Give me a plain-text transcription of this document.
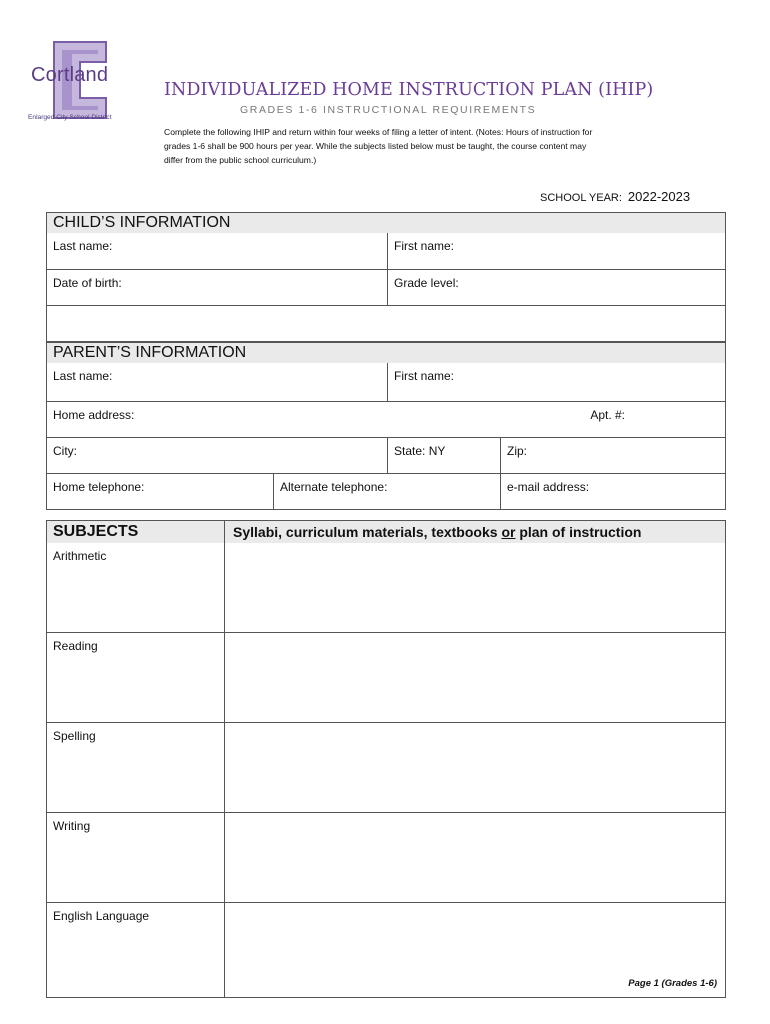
Cortland
Enlarged City School District
INDIVIDUALIZED HOME INSTRUCTION PLAN (IHIP)
GRADES 1-6 INSTRUCTIONAL REQUIREMENTS
Complete the following IHIP and return within four weeks of filing a letter of intent. (Notes: Hours of instruction for grades 1-6 shall be 900 hours per year. While the subjects listed below must be taught, the course content may differ from the public school curriculum.)
SCHOOL YEAR: 2022-2023
CHILD’S INFORMATION
Last name:	First name:
Date of birth:	Grade level:
PARENT’S INFORMATION
Last name:	First name:
Home address:	Apt. #:
City:	State: NY	Zip:
Home telephone:	Alternate telephone:	e-mail address:
SUBJECTS	Syllabi, curriculum materials, textbooks or plan of instruction
Arithmetic
Reading
Spelling
Writing
English Language
Page 1 (Grades 1-6)
